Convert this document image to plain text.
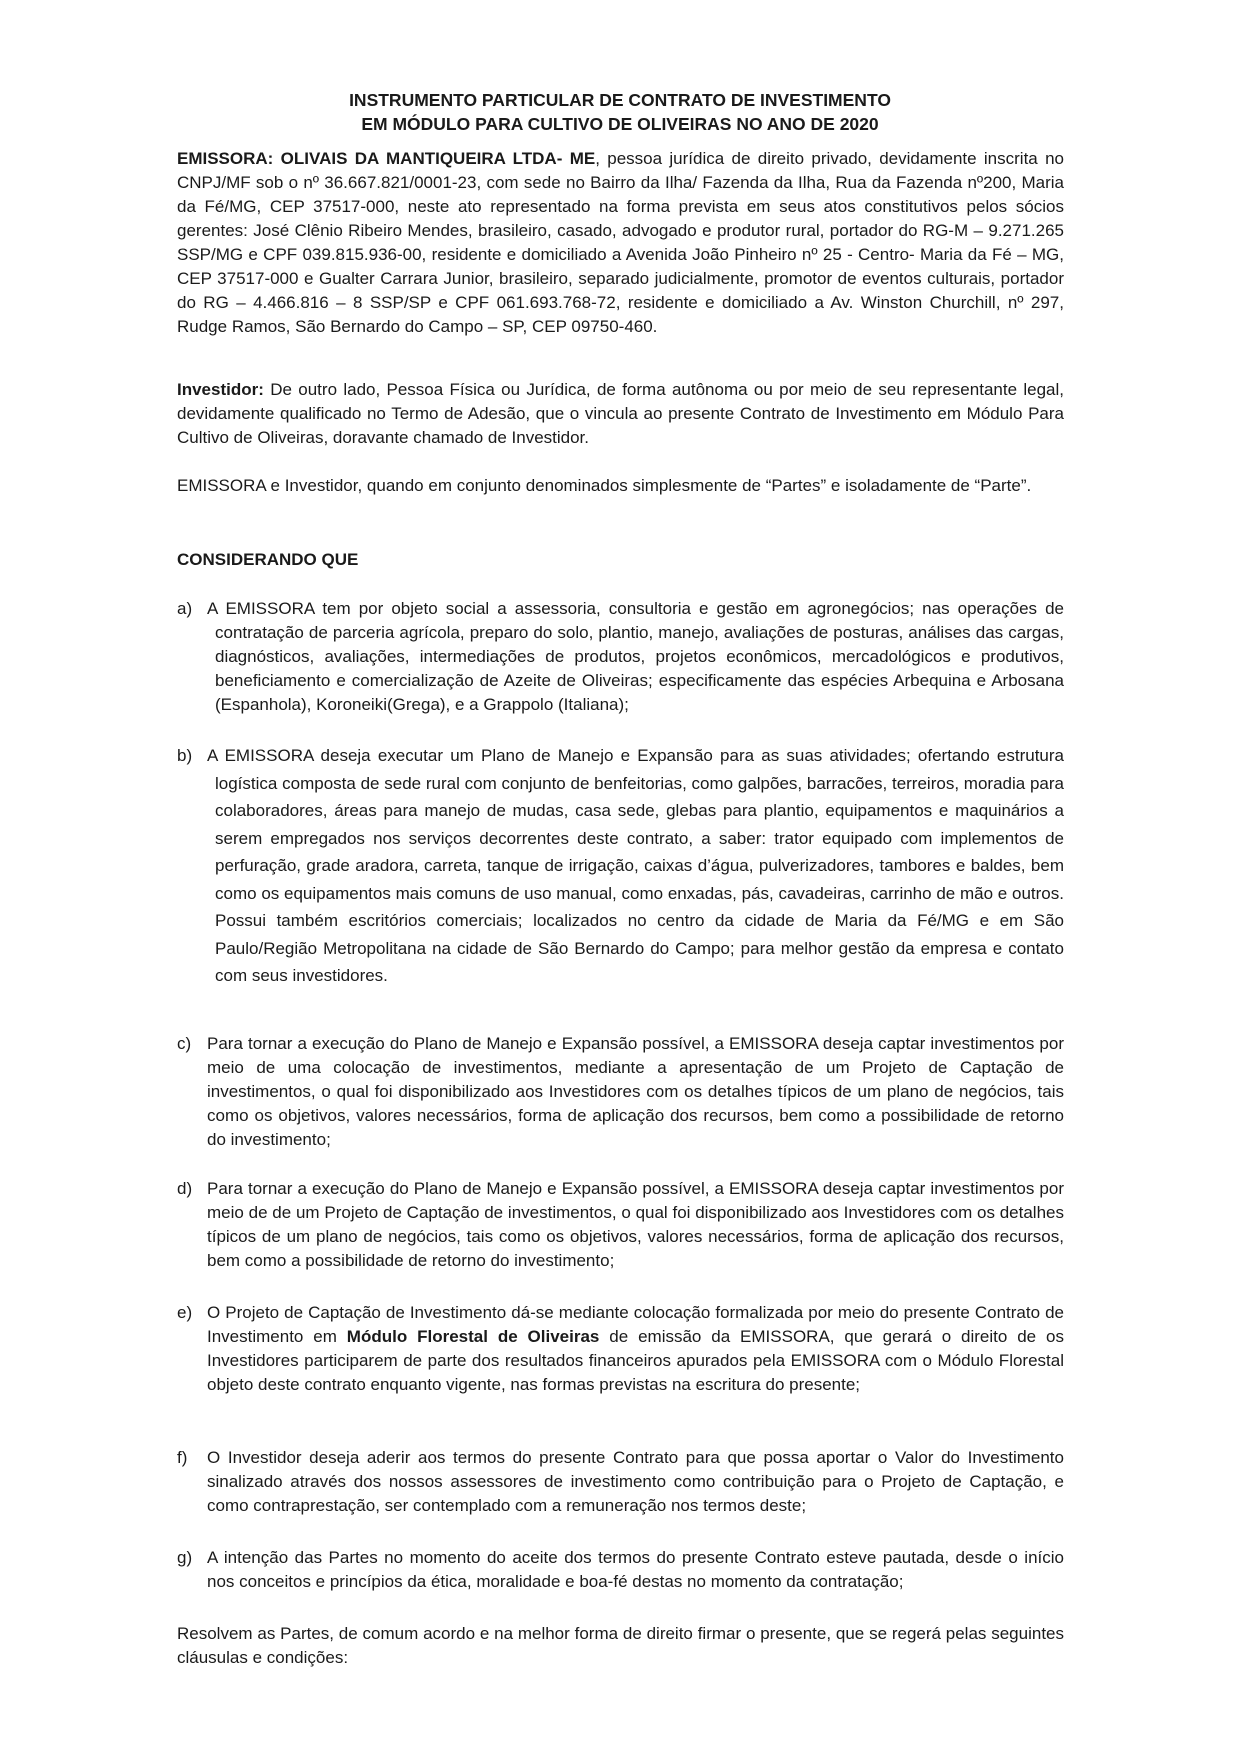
INSTRUMENTO PARTICULAR DE CONTRATO DE INVESTIMENTO
EM MÓDULO PARA CULTIVO DE OLIVEIRAS NO ANO DE 2020
EMISSORA: OLIVAIS DA MANTIQUEIRA LTDA- ME, pessoa jurídica de direito privado, devidamente inscrita no CNPJ/MF sob o nº 36.667.821/0001-23, com sede no Bairro da Ilha/ Fazenda da Ilha, Rua da Fazenda nº200, Maria da Fé/MG, CEP 37517-000, neste ato representado na forma prevista em seus atos constitutivos pelos sócios gerentes: José Clênio Ribeiro Mendes, brasileiro, casado, advogado e produtor rural, portador do RG-M – 9.271.265 SSP/MG e CPF 039.815.936-00, residente e domiciliado a Avenida João Pinheiro nº 25 - Centro- Maria da Fé – MG, CEP 37517-000 e Gualter Carrara Junior, brasileiro, separado judicialmente, promotor de eventos culturais, portador do RG – 4.466.816 – 8 SSP/SP e CPF 061.693.768-72, residente e domiciliado a Av. Winston Churchill, nº 297, Rudge Ramos, São Bernardo do Campo – SP, CEP 09750-460.
Investidor: De outro lado, Pessoa Física ou Jurídica, de forma autônoma ou por meio de seu representante legal, devidamente qualificado no Termo de Adesão, que o vincula ao presente Contrato de Investimento em Módulo Para Cultivo de Oliveiras, doravante chamado de Investidor.
EMISSORA e Investidor, quando em conjunto denominados simplesmente de “Partes” e isoladamente de “Parte”.
CONSIDERANDO QUE
a) A EMISSORA tem por objeto social a assessoria, consultoria e gestão em agronegócios; nas operações de contratação de parceria agrícola, preparo do solo, plantio, manejo, avaliações de posturas, análises das cargas, diagnósticos, avaliações, intermediações de produtos, projetos econômicos, mercadológicos e produtivos, beneficiamento e comercialização de Azeite de Oliveiras; especificamente das espécies Arbequina e Arbosana (Espanhola), Koroneiki(Grega), e a Grappolo (Italiana);
b) A EMISSORA deseja executar um Plano de Manejo e Expansão para as suas atividades; ofertando estrutura logística composta de sede rural com conjunto de benfeitorias, como galpões, barracões, terreiros, moradia para colaboradores, áreas para manejo de mudas, casa sede, glebas para plantio, equipamentos e maquinários a serem empregados nos serviços decorrentes deste contrato, a saber: trator equipado com implementos de perfuração, grade aradora, carreta, tanque de irrigação, caixas d’água, pulverizadores, tambores e baldes, bem como os equipamentos mais comuns de uso manual, como enxadas, pás, cavadeiras, carrinho de mão e outros. Possui também escritórios comerciais; localizados no centro da cidade de Maria da Fé/MG e em São Paulo/Região Metropolitana na cidade de São Bernardo do Campo; para melhor gestão da empresa e contato com seus investidores.
c) Para tornar a execução do Plano de Manejo e Expansão possível, a EMISSORA deseja captar investimentos por meio de uma colocação de investimentos, mediante a apresentação de um Projeto de Captação de investimentos, o qual foi disponibilizado aos Investidores com os detalhes típicos de um plano de negócios, tais como os objetivos, valores necessários, forma de aplicação dos recursos, bem como a possibilidade de retorno do investimento;
d) Para tornar a execução do Plano de Manejo e Expansão possível, a EMISSORA deseja captar investimentos por meio de de um Projeto de Captação de investimentos, o qual foi disponibilizado aos Investidores com os detalhes típicos de um plano de negócios, tais como os objetivos, valores necessários, forma de aplicação dos recursos, bem como a possibilidade de retorno do investimento;
e) O Projeto de Captação de Investimento dá-se mediante colocação formalizada por meio do presente Contrato de Investimento em Módulo Florestal de Oliveiras de emissão da EMISSORA, que gerará o direito de os Investidores participarem de parte dos resultados financeiros apurados pela EMISSORA com o Módulo Florestal objeto deste contrato enquanto vigente, nas formas previstas na escritura do presente;
f) O Investidor deseja aderir aos termos do presente Contrato para que possa aportar o Valor do Investimento sinalizado através dos nossos assessores de investimento como contribuição para o Projeto de Captação, e como contraprestação, ser contemplado com a remuneração nos termos deste;
g) A intenção das Partes no momento do aceite dos termos do presente Contrato esteve pautada, desde o início nos conceitos e princípios da ética, moralidade e boa-fé destas no momento da contratação;
Resolvem as Partes, de comum acordo e na melhor forma de direito firmar o presente, que se regerá pelas seguintes cláusulas e condições:
